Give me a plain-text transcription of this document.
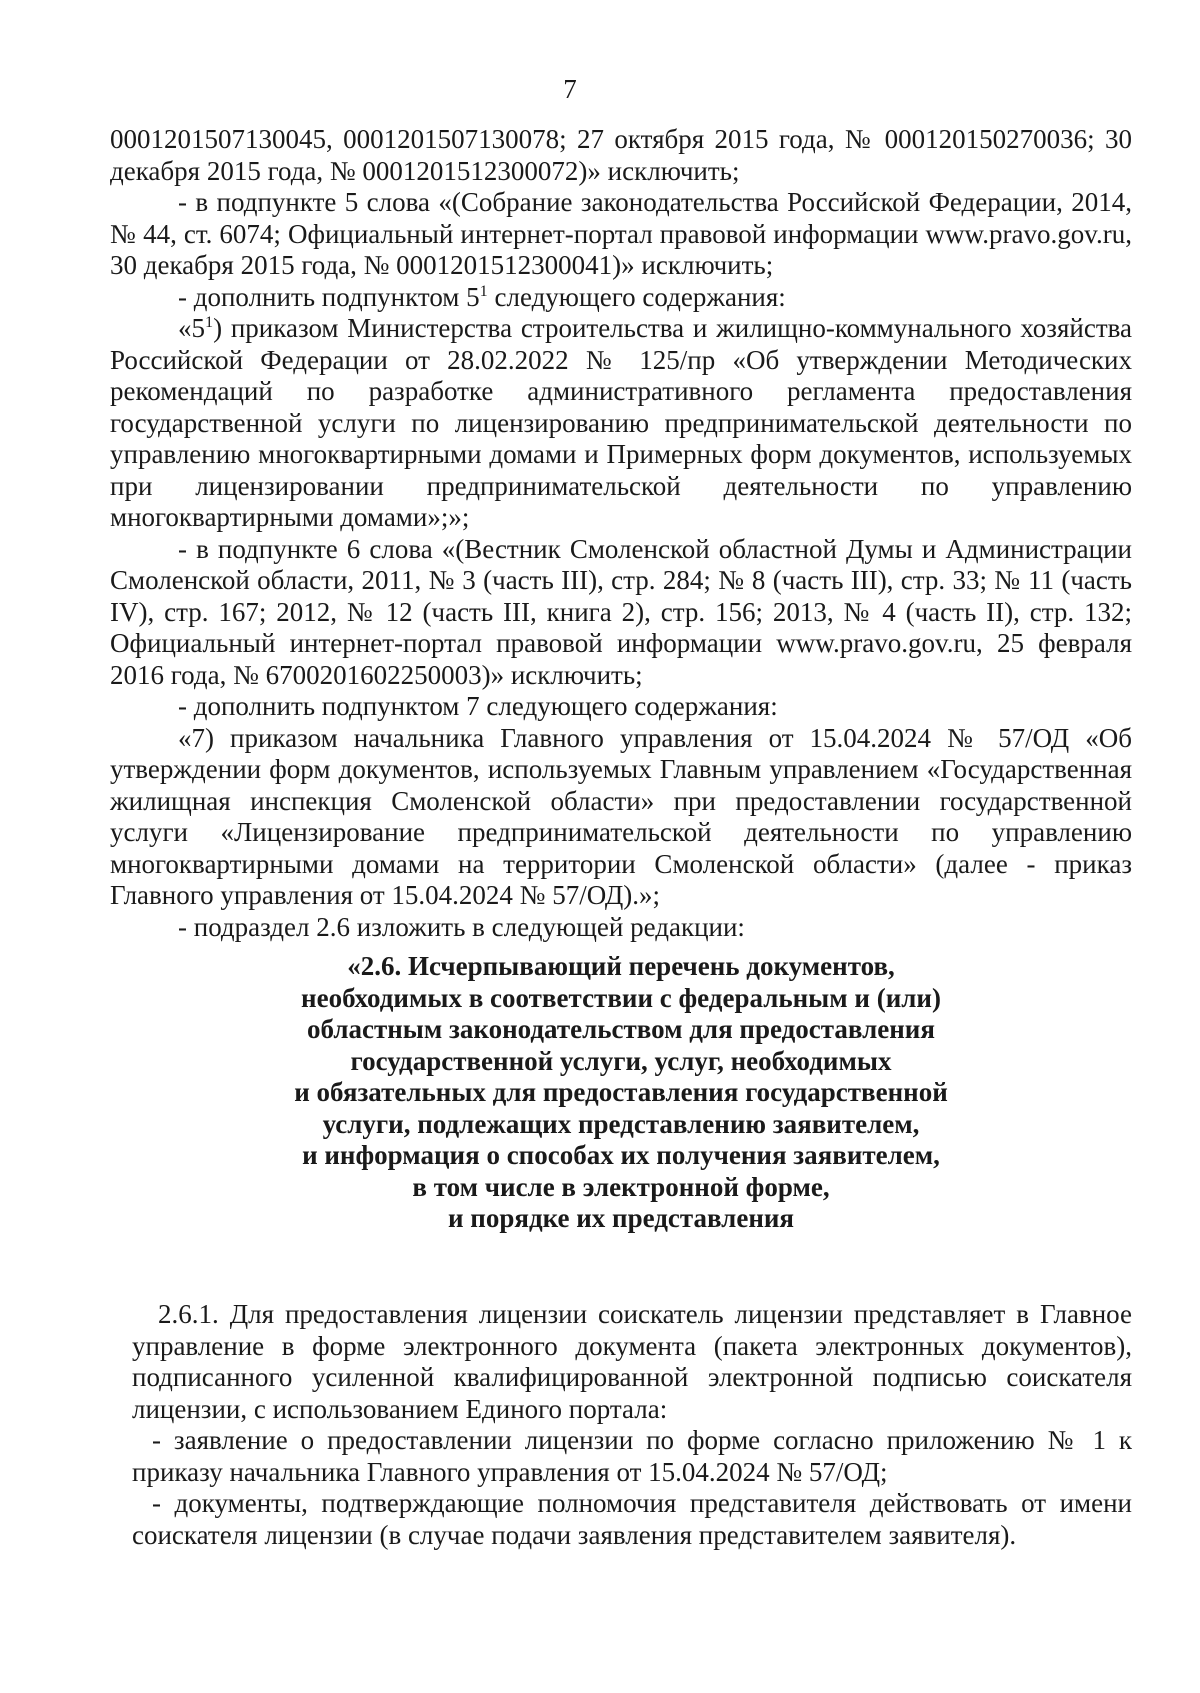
7

0001201507130045, 0001201507130078; 27 октября 2015 года, № 000120150270036; 30 декабря 2015 года, № 0001201512300072)» исключить;

- в подпункте 5 слова «(Собрание законодательства Российской Федерации, 2014, № 44, ст. 6074; Официальный интернет-портал правовой информации www.pravo.gov.ru, 30 декабря 2015 года, № 0001201512300041)» исключить;

- дополнить подпунктом $5^1$ следующего содержания:

«$5^1$) приказом Министерства строительства и жилищно-коммунального хозяйства Российской Федерации от 28.02.2022 № 125/пр «Об утверждении Методических рекомендаций по разработке административного регламента предоставления государственной услуги по лицензированию предпринимательской деятельности по управлению многоквартирными домами и Примерных форм документов, используемых при лицензировании предпринимательской деятельности по управлению многоквартирными домами»;»;

- в подпункте 6 слова «(Вестник Смоленской областной Думы и Администрации Смоленской области, 2011, № 3 (часть III), стр. 284; № 8 (часть III), стр. 33; № 11 (часть IV), стр. 167; 2012, № 12 (часть III, книга 2), стр. 156; 2013, № 4 (часть II), стр. 132; Официальный интернет-портал правовой информации www.pravo.gov.ru, 25 февраля 2016 года, № 6700201602250003)» исключить;

- дополнить подпунктом 7 следующего содержания:

«7) приказом начальника Главного управления от 15.04.2024 № 57/ОД «Об утверждении форм документов, используемых Главным управлением «Государственная жилищная инспекция Смоленской области» при предоставлении государственной услуги «Лицензирование предпринимательской деятельности по управлению многоквартирными домами на территории Смоленской области» (далее - приказ Главного управления от 15.04.2024 № 57/ОД).»;

- подраздел 2.6 изложить в следующей редакции:

«2.6. Исчерпывающий перечень документов,
необходимых в соответствии с федеральным и (или)
областным законодательством для предоставления
государственной услуги, услуг, необходимых
и обязательных для предоставления государственной
услуги, подлежащих представлению заявителем,
и информация о способах их получения заявителем,
в том числе в электронной форме,
и порядке их представления

2.6.1. Для предоставления лицензии соискатель лицензии представляет в Главное управление в форме электронного документа (пакета электронных документов), подписанного усиленной квалифицированной электронной подписью соискателя лицензии, с использованием Единого портала:

- заявление о предоставлении лицензии по форме согласно приложению № 1 к приказу начальника Главного управления от 15.04.2024 № 57/ОД;

- документы, подтверждающие полномочия представителя действовать от имени соискателя лицензии (в случае подачи заявления представителем заявителя).
